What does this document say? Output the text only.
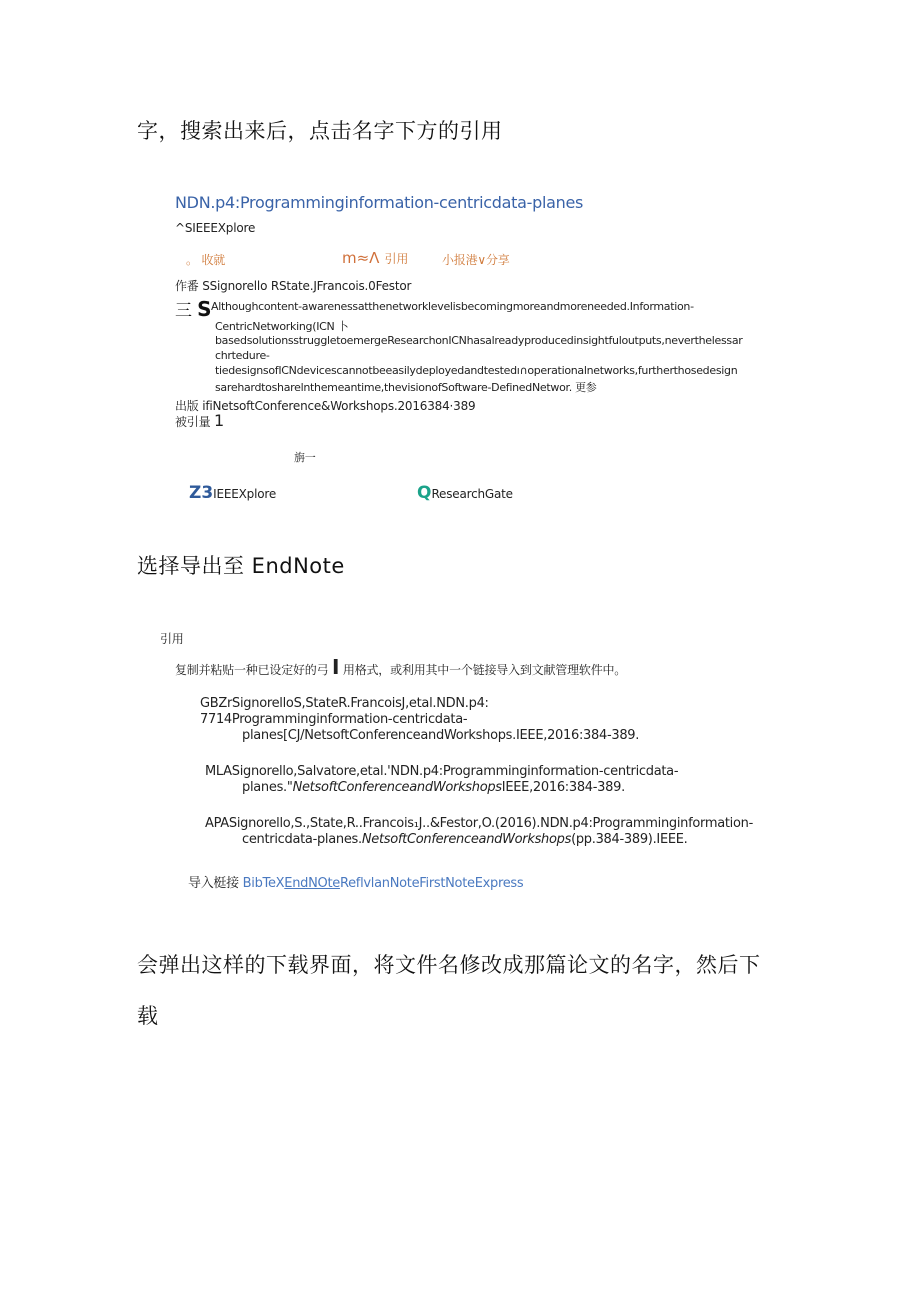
字，搜索出来后，点击名字下方的引用
NDN.p4:Programminginformation-centricdata-planes
^SIEEEXplore
。 收就	m≈Λ 引用	小报港∨分享
作番 SSignorello RState.JFrancois.0Festor
三 S Althoughcontent-awarenessatthenetworklevelisbecomingmoreandmoreneeded.Information-
CentricNetworking(ICN 卜
basedsolutionsstruggletoemergeResearchonICNhasalreadyproducedinsightfuloutputs,neverthelessar
chrtedure-
tiedesignsofICNdevicescannotbeeasilydeployedandtestedı∩operationalnetworks,furtherthosedesign
sarehardtosharelnthemeantime,thevisionofSoftware-DefinedNetwor. 更参
出版 ifiNetsoftConference&Workshops.2016384·389
被引量 1
旃一
Z3IEEEXplore	QResearchGate
选择导出至 EndNote
引用
复制并粘贴一种已设定好的弓 I 用格式，或利用其中一个链接导入到文献管理软件中。
GBZrSignorelloS,StateR.FrancoisJ,etal.NDN.p4:
7714Programminginformation-centricdata-
planes[CJ/NetsoftConferenceandWorkshops.IEEE,2016:384-389.
MLASignorello,Salvatore,etal.'NDN.p4:Programminginformation-centricdata-
planes."NetsoftConferenceandWorkshopsIEEE,2016:384-389.
APASignorello,S.,State,R..Francois₁J..&Festor,O.(2016).NDN.p4:Programminginformation-
centricdata-planes.NetsoftConferenceandWorkshops(pp.384-389).IEEE.
导入梃接 BibTeXEndNOteReflvlanNoteFirstNoteExpress
会弹出这样的下载界面，将文件名修改成那篇论文的名字，然后下
载
